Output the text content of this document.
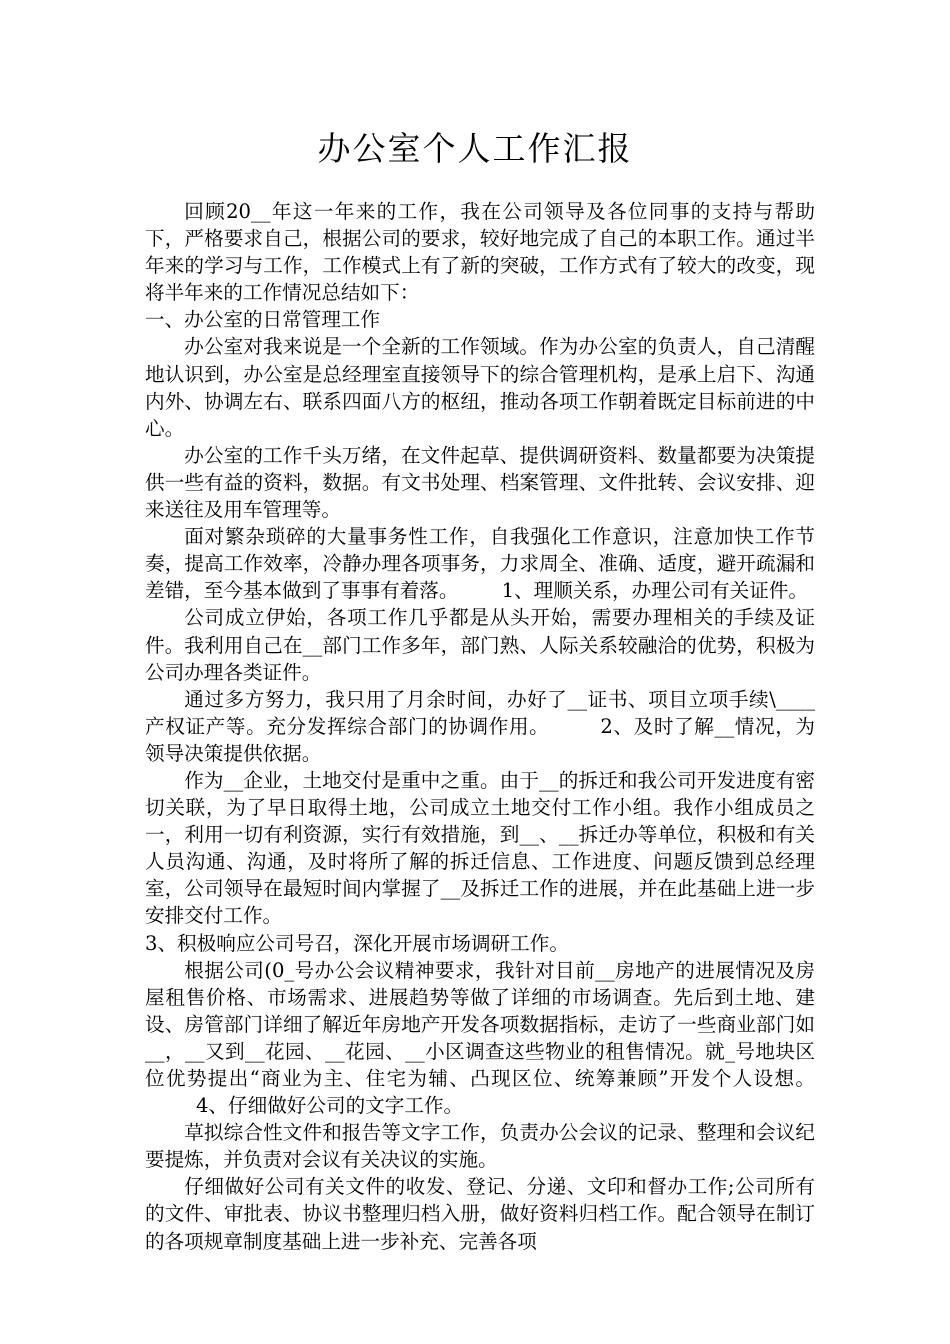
办公室个人工作汇报

回顾20__年这一年来的工作，我在公司领导及各位同事的支持与帮助下，严格要求自己，根据公司的要求，较好地完成了自己的本职工作。通过半年来的学习与工作，工作模式上有了新的突破，工作方式有了较大的改变，现将半年来的工作情况总结如下：

一、办公室的日常管理工作

办公室对我来说是一个全新的工作领域。作为办公室的负责人，自己清醒地认识到，办公室是总经理室直接领导下的综合管理机构，是承上启下、沟通内外、协调左右、联系四面八方的枢纽，推动各项工作朝着既定目标前进的中心。

办公室的工作千头万绪，在文件起草、提供调研资料、数量都要为决策提供一些有益的资料，数据。有文书处理、档案管理、文件批转、会议安排、迎来送往及用车管理等。

面对繁杂琐碎的大量事务性工作，自我强化工作意识，注意加快工作节奏，提高工作效率，冷静办理各项事务，力求周全、准确、适度，避开疏漏和差错，至今基本做到了事事有着落。 1、理顺关系，办理公司有关证件。

公司成立伊始，各项工作几乎都是从头开始，需要办理相关的手续及证件。我利用自己在__部门工作多年，部门熟、人际关系较融洽的优势，积极为公司办理各类证件。

通过多方努力，我只用了月余时间，办好了__证书、项目立项手续\____产权证产等。充分发挥综合部门的协调作用。	2、及时了解__情况，为领导决策提供依据。

作为__企业，土地交付是重中之重。由于__的拆迁和我公司开发进度有密切关联，为了早日取得土地，公司成立土地交付工作小组。我作小组成员之一，利用一切有利资源，实行有效措施，到__、__拆迁办等单位，积极和有关人员沟通、沟通，及时将所了解的拆迁信息、工作进度、问题反馈到总经理室，公司领导在最短时间内掌握了__及拆迁工作的进展，并在此基础上进一步安排交付工作。

3、积极响应公司号召，深化开展市场调研工作。

根据公司(0_号办公会议精神要求，我针对目前__房地产的进展情况及房屋租售价格、市场需求、进展趋势等做了详细的市场调查。先后到土地、建设、房管部门详细了解近年房地产开发各项数据指标，走访了一些商业部门如__，__又到__花园、__花园、__小区调查这些物业的租售情况。就_号地块区位优势提出“商业为主、住宅为辅、凸现区位、统筹兼顾”开发个人设想。4、仔细做好公司的文字工作。

草拟综合性文件和报告等文字工作，负责办公会议的记录、整理和会议纪要提炼，并负责对会议有关决议的实施。

仔细做好公司有关文件的收发、登记、分递、文印和督办工作;公司所有的文件、审批表、协议书整理归档入册，做好资料归档工作。配合领导在制订的各项规章制度基础上进一步补充、完善各项
